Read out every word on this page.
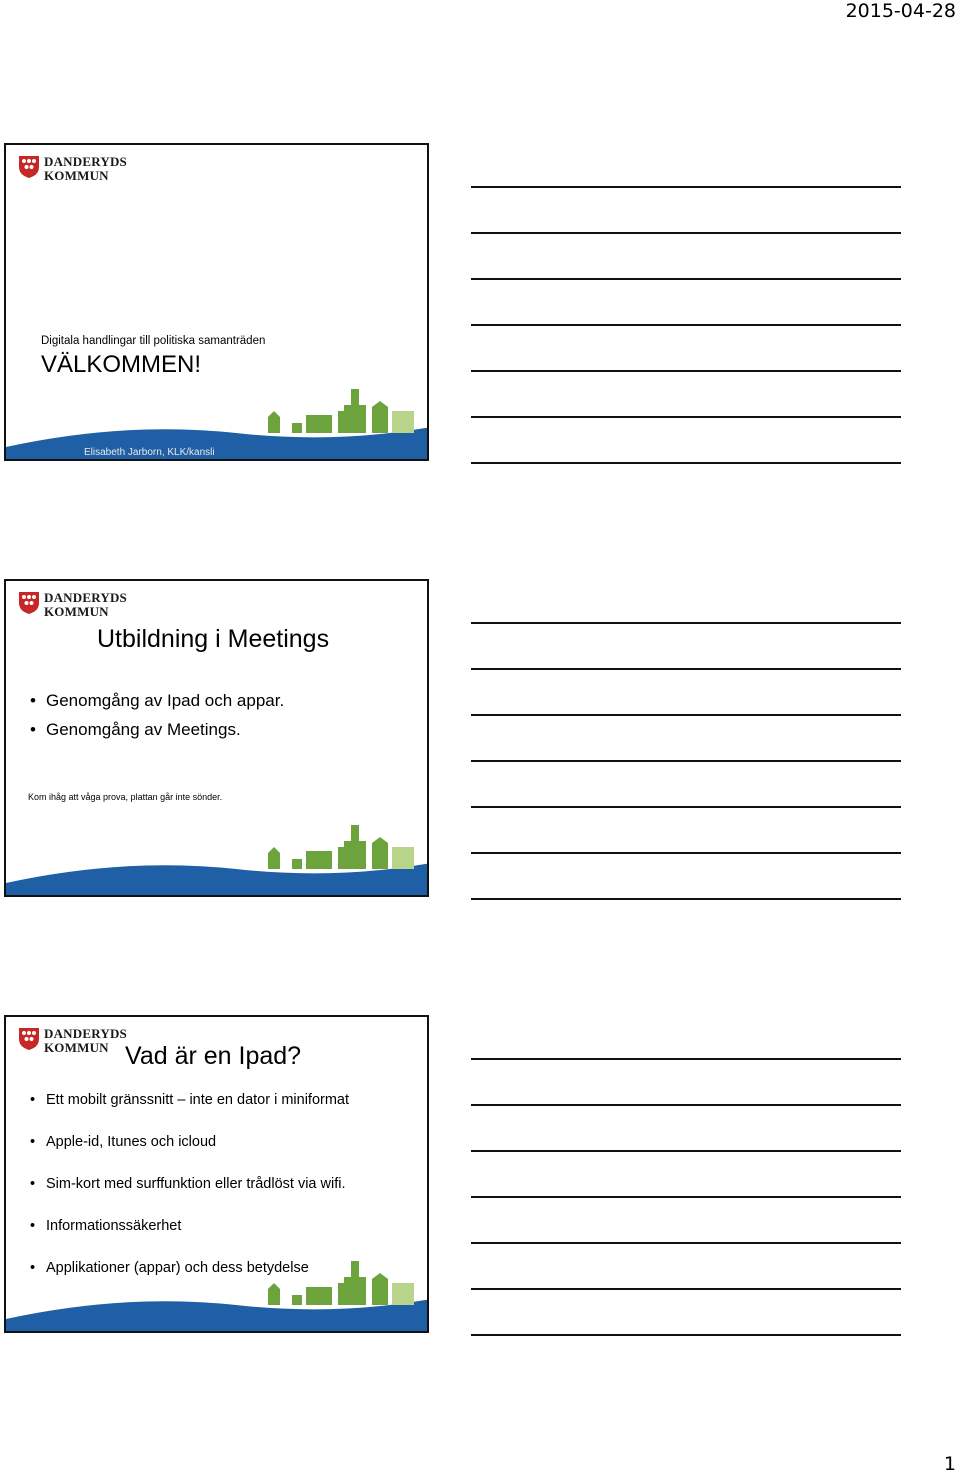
2015-04-28
DANDERYDS
KOMMUN
Digitala handlingar till politiska samanträden
VÄLKOMMEN!
Elisabeth Jarborn, KLK/kansli
DANDERYDS
KOMMUN
Utbildning i Meetings
• Genomgång av Ipad och appar.
• Genomgång av Meetings.
Kom ihåg att våga prova, plattan går inte sönder.
DANDERYDS
KOMMUN Vad är en Ipad?
• Ett mobilt gränssnitt – inte en dator i miniformat
• Apple-id, Itunes och icloud
• Sim-kort med surffunktion eller trådlöst via wifi.
• Informationssäkerhet
• Applikationer (appar) och dess betydelse
1
